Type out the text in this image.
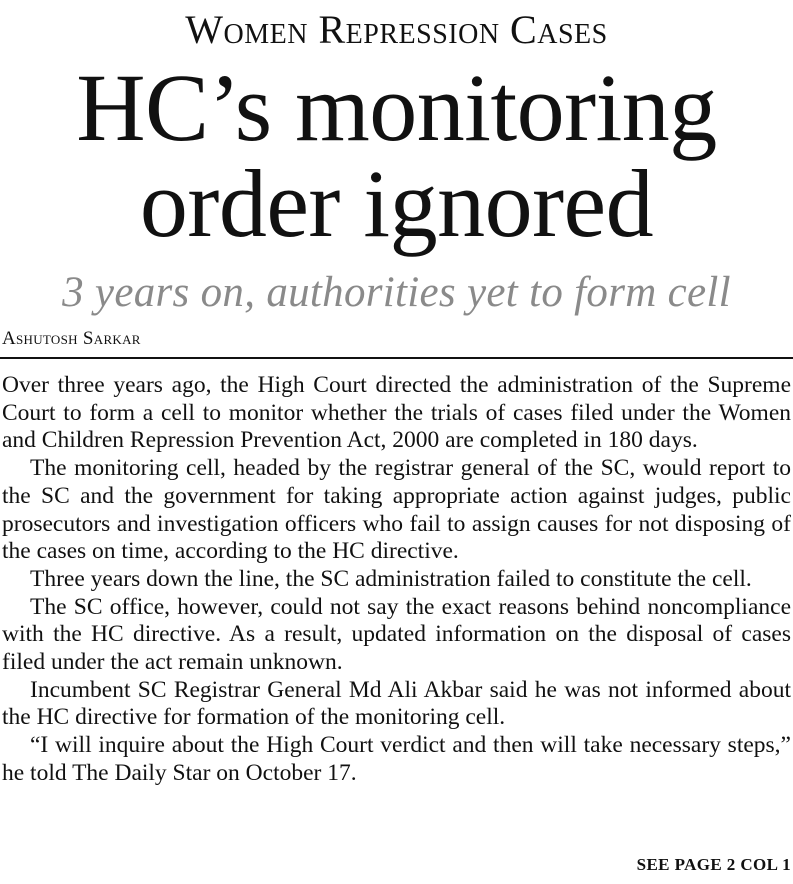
Women Repression Cases
HC’s monitoring order ignored
3 years on, authorities yet to form cell
Ashutosh Sarkar

Over three years ago, the High Court directed the administration of the Supreme Court to form a cell to monitor whether the trials of cases filed under the Women and Children Repression Prevention Act, 2000 are completed in 180 days.

The monitoring cell, headed by the registrar general of the SC, would report to the SC and the government for taking appropriate action against judges, public prosecutors and investigation officers who fail to assign causes for not disposing of the cases on time, according to the HC directive.

Three years down the line, the SC administration failed to constitute the cell.

The SC office, however, could not say the exact reasons behind noncompliance with the HC directive. As a result, updated information on the disposal of cases filed under the act remain unknown.

Incumbent SC Registrar General Md Ali Akbar said he was not informed about the HC directive for formation of the monitoring cell.

“I will inquire about the High Court verdict and then will take necessary steps,” he told The Daily Star on October 17.

SEE PAGE 2 COL 1
